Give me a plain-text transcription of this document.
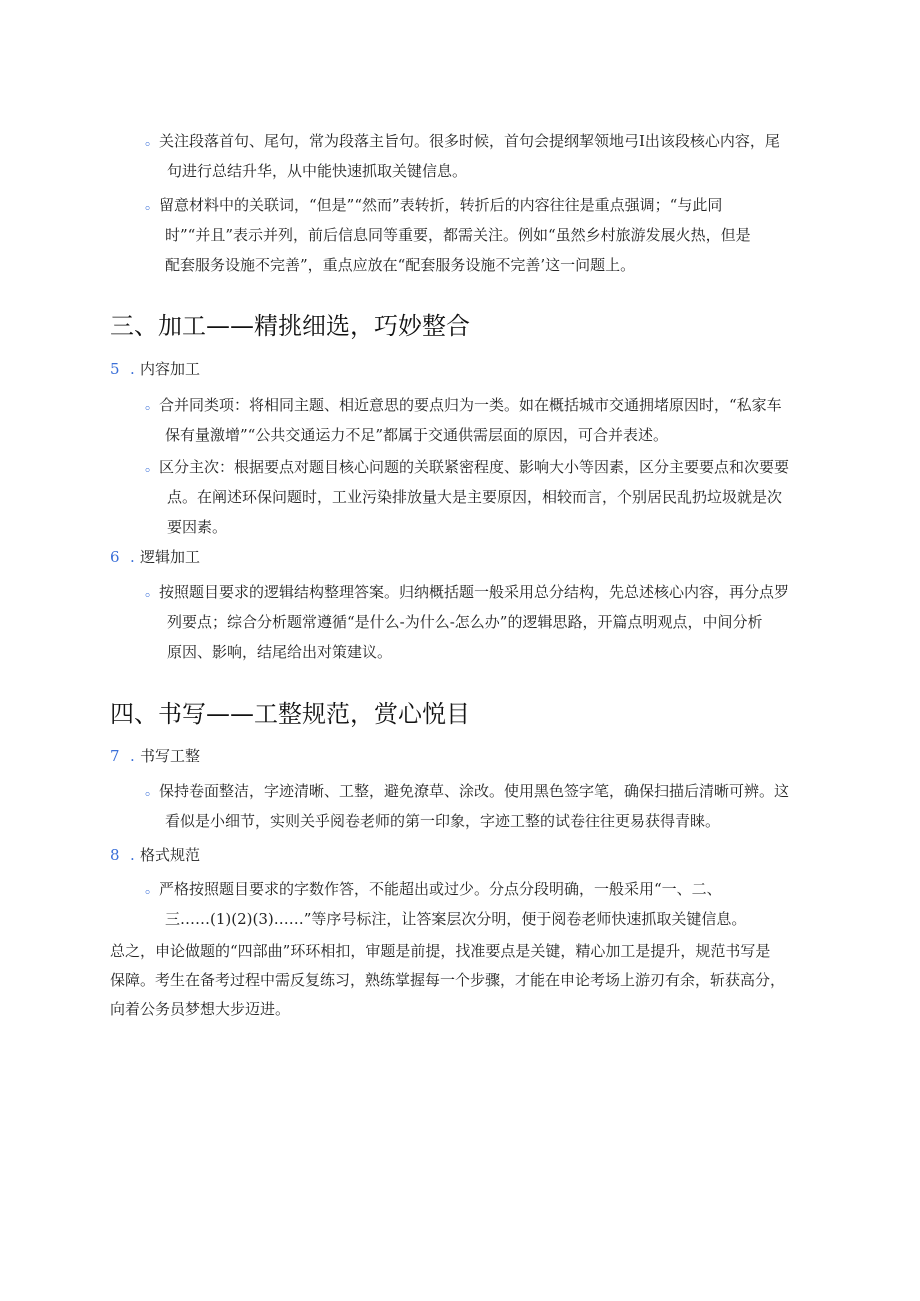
。 关注段落首句、尾句，常为段落主旨句。很多时候，首句会提纲挈领地弓I出该段核心内容，尾
句进行总结升华，从中能快速抓取关键信息。
。 留意材料中的关联词，“但是”“然而”表转折，转折后的内容往往是重点强调；“与此同
时”“并且”表示并列，前后信息同等重要，都需关注。例如“虽然乡村旅游发展火热，但是
配套服务设施不完善”，重点应放在“配套服务设施不完善’这一问题上。
三、加工——精挑细选，巧妙整合
5 . 内容加工
。 合并同类项：将相同主题、相近意思的要点归为一类。如在概括城市交通拥堵原因时，“私家车
保有量激增”“公共交通运力不足”都属于交通供需层面的原因，可合并表述。
。 区分主次：根据要点对题目核心问题的关联紧密程度、影响大小等因素，区分主要要点和次要要
点。在阐述环保问题时，工业污染排放量大是主要原因，相较而言，个别居民乱扔垃圾就是次
要因素。
6 . 逻辑加工
。 按照题目要求的逻辑结构整理答案。归纳概括题一般采用总分结构，先总述核心内容，再分点罗
列要点；综合分析题常遵循“是什么-为什么-怎么办”的逻辑思路，开篇点明观点，中间分析
原因、影响，结尾给出对策建议。
四、书写——工整规范，赏心悦目
7 . 书写工整
。 保持卷面整洁，字迹清晰、工整，避免潦草、涂改。使用黑色签字笔，确保扫描后清晰可辨。这
看似是小细节，实则关乎阅卷老师的第一印象，字迹工整的试卷往往更易获得青睐。
8 . 格式规范
。 严格按照题目要求的字数作答，不能超出或过少。分点分段明确，一般采用“一、二、
三……(1)(2)(3)……”等序号标注，让答案层次分明，便于阅卷老师快速抓取关键信息。
总之，申论做题的“四部曲”环环相扣，审题是前提，找准要点是关键，精心加工是提升，规范书写是
保障。考生在备考过程中需反复练习，熟练掌握每一个步骤，才能在申论考场上游刃有余，斩获高分，
向着公务员梦想大步迈进。
